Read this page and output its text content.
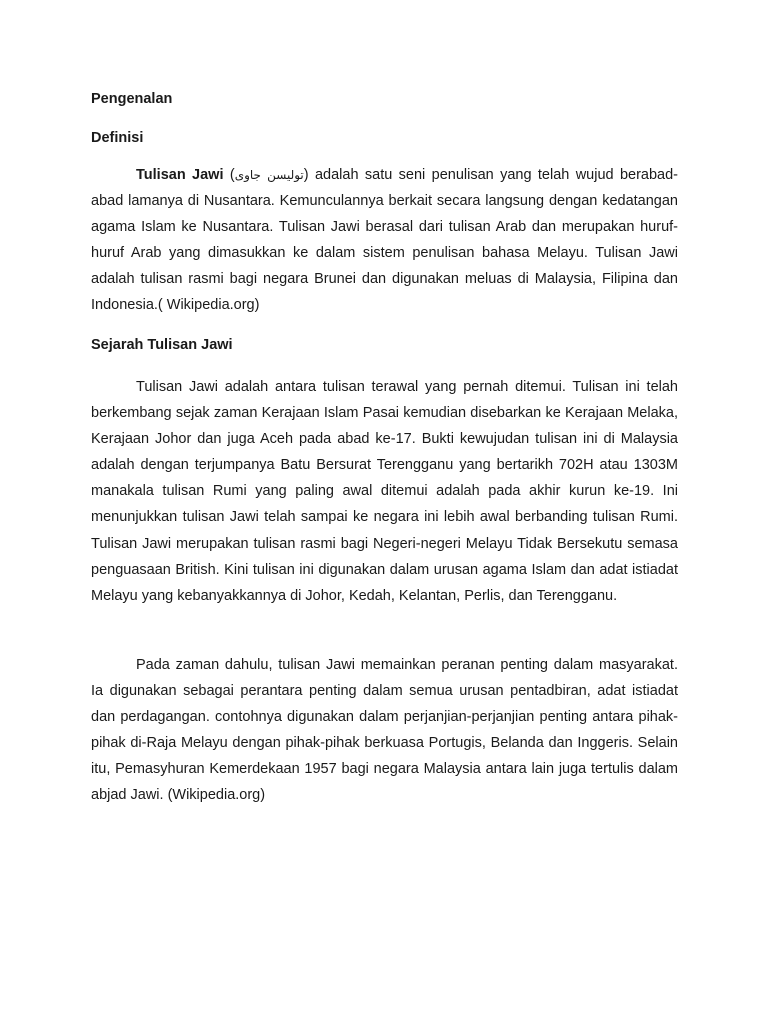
Pengenalan
Definisi

Tulisan Jawi (تولیسن جاوی) adalah satu seni penulisan yang telah wujud berabad-abad lamanya di Nusantara. Kemunculannya berkait secara langsung dengan kedatangan agama Islam ke Nusantara. Tulisan Jawi berasal dari tulisan Arab dan merupakan huruf-huruf Arab yang dimasukkan ke dalam sistem penulisan bahasa Melayu. Tulisan Jawi adalah tulisan rasmi bagi negara Brunei dan digunakan meluas di Malaysia, Filipina dan Indonesia.( Wikipedia.org)

Sejarah Tulisan Jawi

Tulisan Jawi adalah antara tulisan terawal yang pernah ditemui. Tulisan ini telah berkembang sejak zaman Kerajaan Islam Pasai kemudian disebarkan ke Kerajaan Melaka, Kerajaan Johor dan juga Aceh pada abad ke-17. Bukti kewujudan tulisan ini di Malaysia adalah dengan terjumpanya Batu Bersurat Terengganu yang bertarikh 702H atau 1303M manakala tulisan Rumi yang paling awal ditemui adalah pada akhir kurun ke-19. Ini menunjukkan tulisan Jawi telah sampai ke negara ini lebih awal berbanding tulisan Rumi. Tulisan Jawi merupakan tulisan rasmi bagi Negeri-negeri Melayu Tidak Bersekutu semasa penguasaan British. Kini tulisan ini digunakan dalam urusan agama Islam dan adat istiadat Melayu yang kebanyakkannya di Johor, Kedah, Kelantan, Perlis, dan Terengganu.

Pada zaman dahulu, tulisan Jawi memainkan peranan penting dalam masyarakat. Ia digunakan sebagai perantara penting dalam semua urusan pentadbiran, adat istiadat dan perdagangan. contohnya digunakan dalam perjanjian-perjanjian penting antara pihak-pihak di-Raja Melayu dengan pihak-pihak berkuasa Portugis, Belanda dan Inggeris. Selain itu, Pemasyhuran Kemerdekaan 1957 bagi negara Malaysia antara lain juga tertulis dalam abjad Jawi. (Wikipedia.org)
